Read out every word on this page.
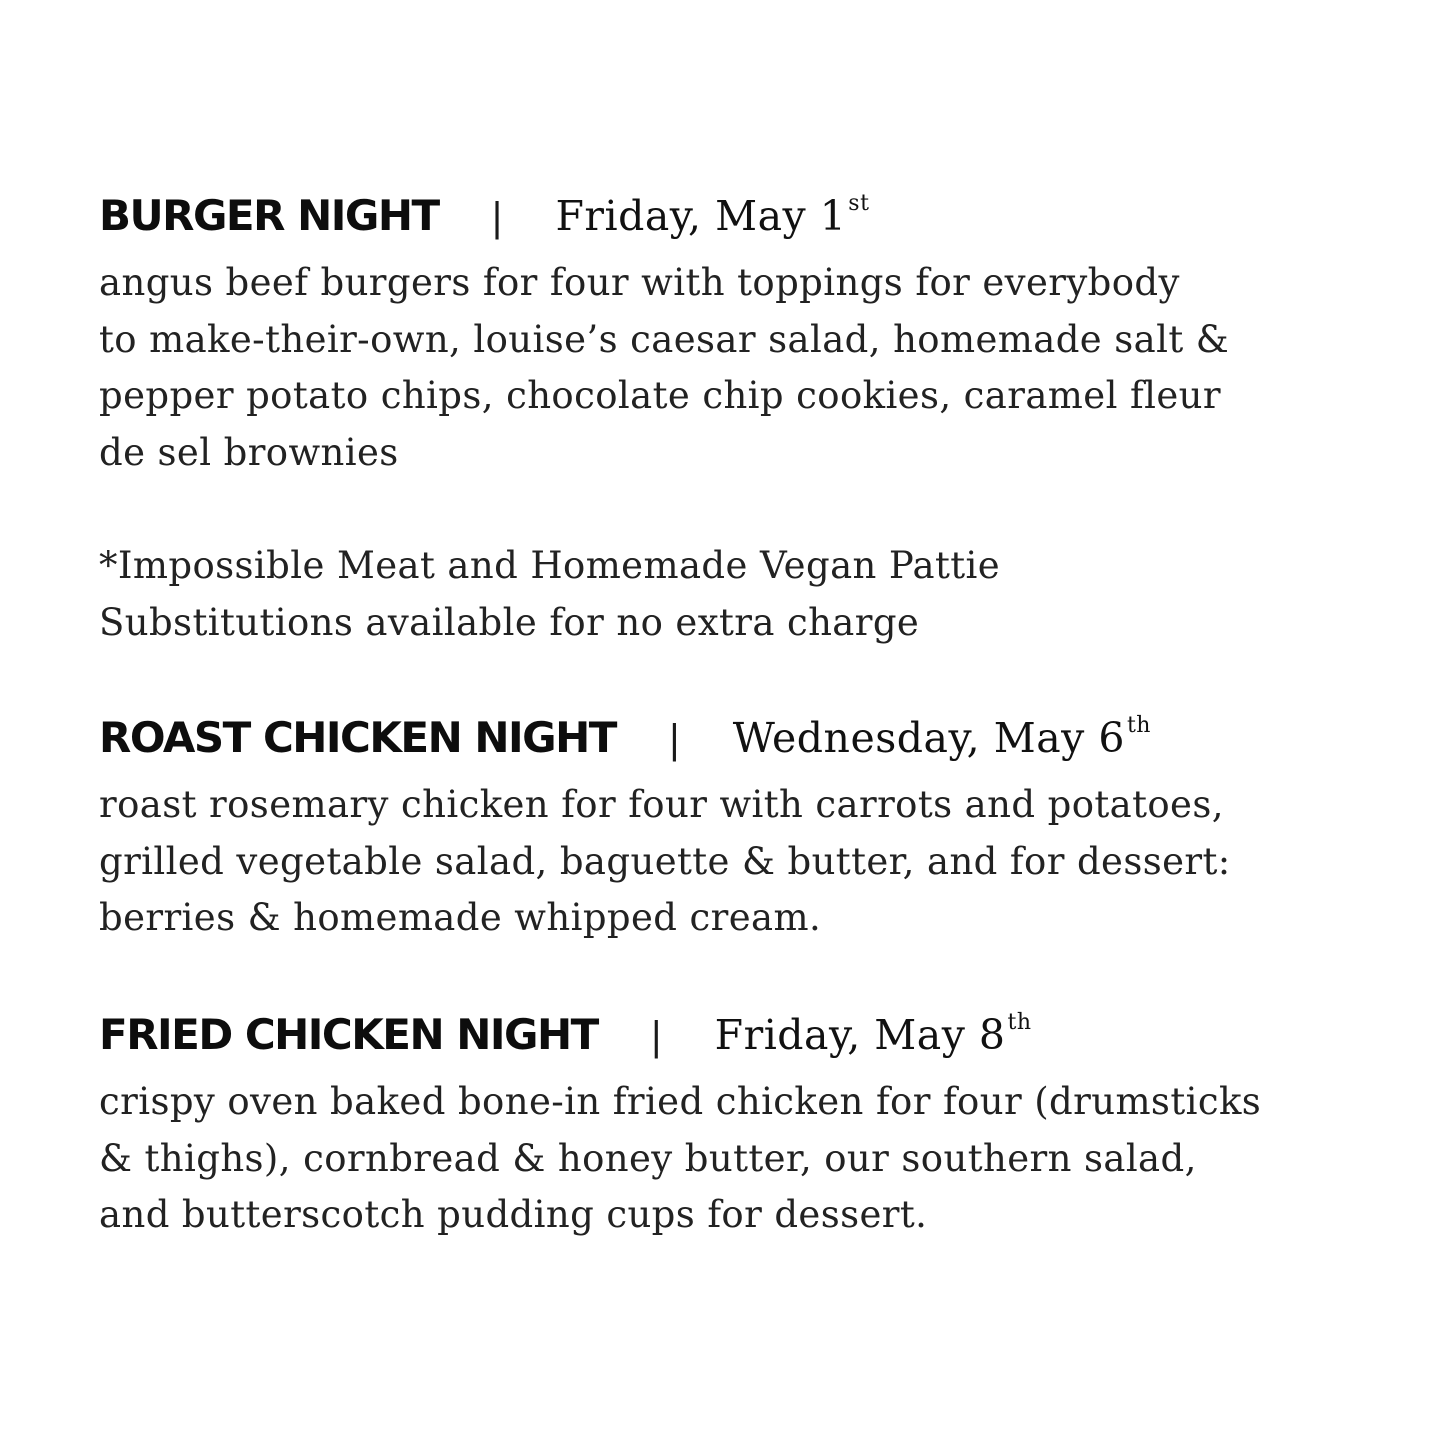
BURGER NIGHT | Friday, May 1st
angus beef burgers for four with toppings for everybody
to make-their-own, louise’s caesar salad, homemade salt &
pepper potato chips, chocolate chip cookies, caramel fleur
de sel brownies
*Impossible Meat and Homemade Vegan Pattie
Substitutions available for no extra charge
ROAST CHICKEN NIGHT | Wednesday, May 6th
roast rosemary chicken for four with carrots and potatoes,
grilled vegetable salad, baguette & butter, and for dessert:
berries & homemade whipped cream.
FRIED CHICKEN NIGHT | Friday, May 8th
crispy oven baked bone-in fried chicken for four (drumsticks
& thighs), cornbread & honey butter, our southern salad,
and butterscotch pudding cups for dessert.
